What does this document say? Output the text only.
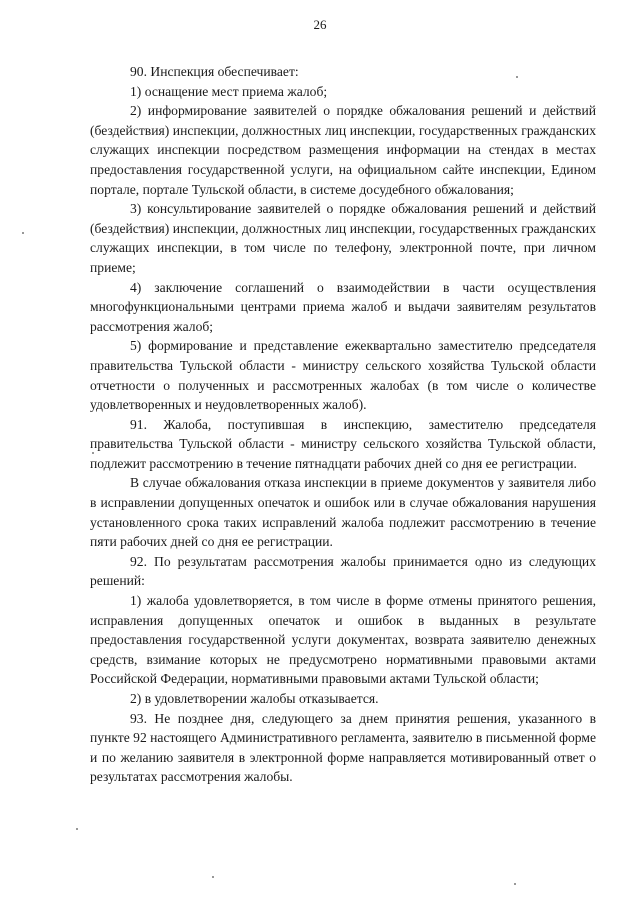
26

90. Инспекция обеспечивает:

1) оснащение мест приема жалоб;

2) информирование заявителей о порядке обжалования решений и действий (бездействия) инспекции, должностных лиц инспекции, государственных гражданских служащих инспекции посредством размещения информации на стендах в местах предоставления государственной услуги, на официальном сайте инспекции, Едином портале, портале Тульской области, в системе досудебного обжалования;

3) консультирование заявителей о порядке обжалования решений и действий (бездействия) инспекции, должностных лиц инспекции, государственных гражданских служащих инспекции, в том числе по телефону, электронной почте, при личном приеме;

4) заключение соглашений о взаимодействии в части осуществления многофункциональными центрами приема жалоб и выдачи заявителям результатов рассмотрения жалоб;

5) формирование и представление ежеквартально заместителю председателя правительства Тульской области - министру сельского хозяйства Тульской области отчетности о полученных и рассмотренных жалобах (в том числе о количестве удовлетворенных и неудовлетворенных жалоб).

91. Жалоба, поступившая в инспекцию, заместителю председателя правительства Тульской области - министру сельского хозяйства Тульской области, подлежит рассмотрению в течение пятнадцати рабочих дней со дня ее регистрации.

В случае обжалования отказа инспекции в приеме документов у заявителя либо в исправлении допущенных опечаток и ошибок или в случае обжалования нарушения установленного срока таких исправлений жалоба подлежит рассмотрению в течение пяти рабочих дней со дня ее регистрации.

92. По результатам рассмотрения жалобы принимается одно из следующих решений:

1) жалоба удовлетворяется, в том числе в форме отмены принятого решения, исправления допущенных опечаток и ошибок в выданных в результате предоставления государственной услуги документах, возврата заявителю денежных средств, взимание которых не предусмотрено нормативными правовыми актами Российской Федерации, нормативными правовыми актами Тульской области;

2) в удовлетворении жалобы отказывается.

93. Не позднее дня, следующего за днем принятия решения, указанного в пункте 92 настоящего Административного регламента, заявителю в письменной форме и по желанию заявителя в электронной форме направляется мотивированный ответ о результатах рассмотрения жалобы.
